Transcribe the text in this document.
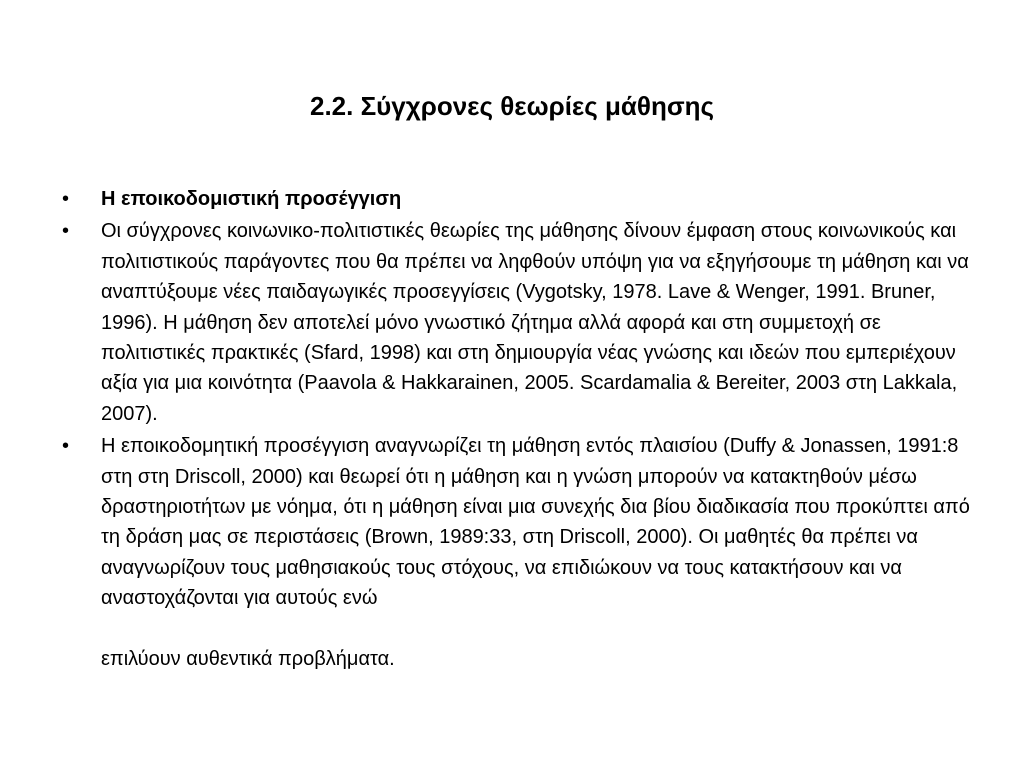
2.2. Σύγχρονες θεωρίες μάθησης
•	Η εποικοδομιστική προσέγγιση
•	Οι σύγχρονες κοινωνικο-πολιτιστικές θεωρίες της μάθησης δίνουν έμφαση στους κοινωνικούς και πολιτιστικούς παράγοντες που θα πρέπει να ληφθούν υπόψη για να εξηγήσουμε τη μάθηση και να αναπτύξουμε νέες παιδαγωγικές προσεγγίσεις (Vygotsky, 1978. Lave & Wenger, 1991. Bruner, 1996). Η μάθηση δεν αποτελεί μόνο γνωστικό ζήτημα αλλά αφορά και στη συμμετοχή σε πολιτιστικές πρακτικές (Sfard, 1998) και στη δημιουργία νέας γνώσης και ιδεών που εμπεριέχουν αξία για μια κοινότητα (Paavola & Hakkarainen, 2005. Scardamalia & Bereiter, 2003 στη Lakkala, 2007).
•	Η εποικοδομητική προσέγγιση αναγνωρίζει τη μάθηση εντός πλαισίου (Duffy & Jonassen, 1991:8 στη στη Driscoll, 2000) και θεωρεί ότι η μάθηση και η γνώση μπορούν να κατακτηθούν μέσω δραστηριοτήτων με νόημα, ότι η μάθηση είναι μια συνεχής δια βίου διαδικασία που προκύπτει από τη δράση μας σε περιστάσεις (Brown, 1989:33, στη Driscoll, 2000). Οι μαθητές θα πρέπει να αναγνωρίζουν τους μαθησιακούς τους στόχους, να επιδιώκουν να τους κατακτήσουν και να αναστοχάζονται για αυτούς ενώ
επιλύουν αυθεντικά προβλήματα.
